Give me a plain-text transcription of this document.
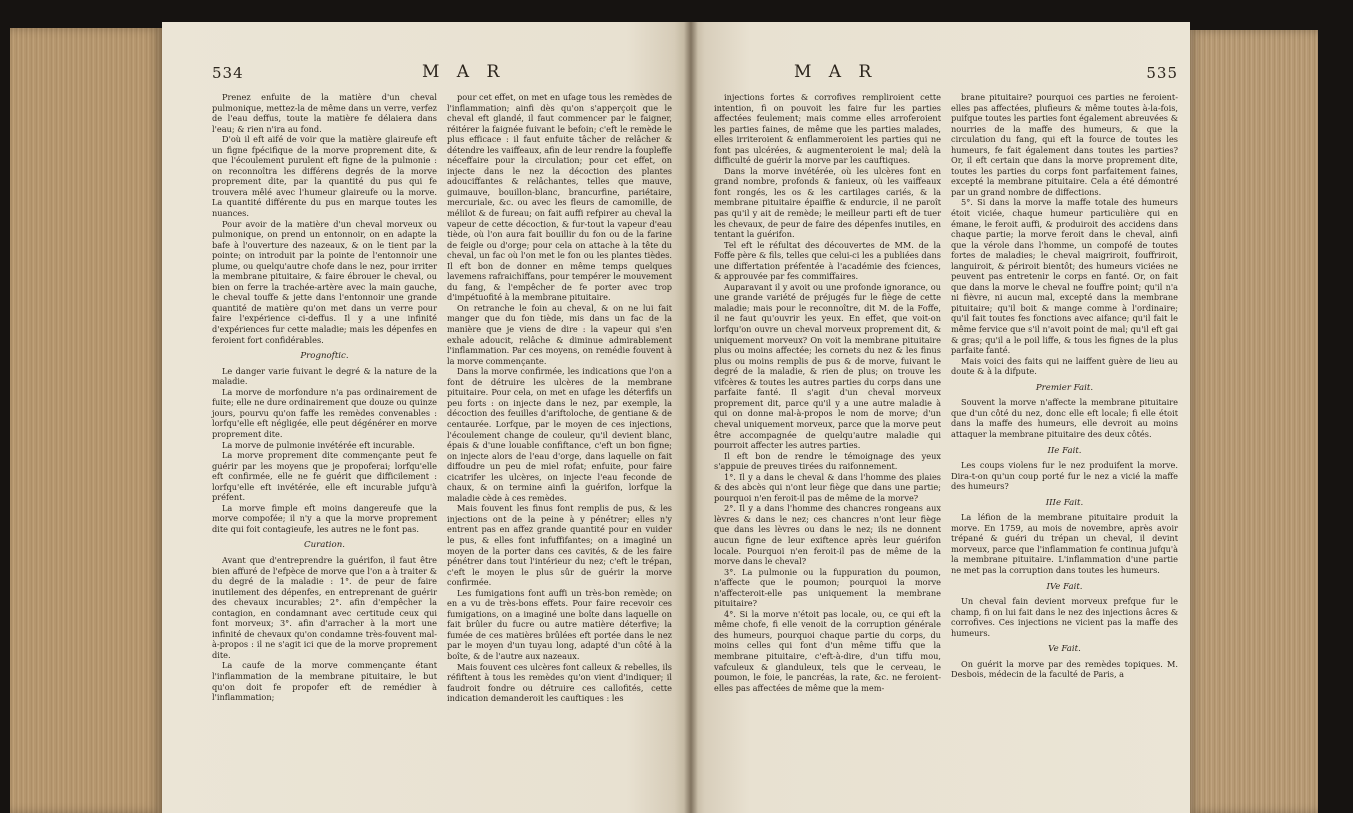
534	M A R

Prenez enfuite de la matière d'un cheval pulmonique, mettez-la de même dans un verre, verfez de l'eau deffus, toute la matière fe délaiera dans l'eau; & rien n'ira au fond.

D'où il eft aifé de voir que la matière glaireufe eft un figne fpécifique de la morve proprement dite, & que l'écoulement purulent eft figne de la pulmonie : on reconnoîtra les différens degrés de la morve proprement dite, par la quantité du pus qui fe trouvera mêlé avec l'humeur glaireufe ou la morve. La quantité différente du pus en marque toutes les nuances.

Pour avoir de la matière d'un cheval morveux ou pulmonique, on prend un entonnoir, on en adapte la bafe à l'ouverture des nazeaux, & on le tient par la pointe; on introduit par la pointe de l'entonnoir une plume, ou quelqu'autre chofe dans le nez, pour irriter la membrane pituitaire, & faire ébrouer le cheval, ou bien on ferre la trachée-artère avec la main gauche, le cheval touffe & jette dans l'entonnoir une grande quantité de matière qu'on met dans un verre pour faire l'expérience ci-deffus. Il y a une infinité d'expériences fur cette maladie; mais les dépenfes en feroient fort confidérables.

Prognoftic.

Le danger varie fuivant le degré & la nature de la maladie.

La morve de morfondure n'a pas ordinairement de fuite; elle ne dure ordinairement que douze ou quinze jours, pourvu qu'on faffe les remèdes convenables : lorfqu'elle eft négligée, elle peut dégénérer en morve proprement dite.

La morve de pulmonie invétérée eft incurable.

La morve proprement dite commençante peut fe guérir par les moyens que je propoferai; lorfqu'elle eft confirmée, elle ne fe guérit que difficilement : lorfqu'elle eft invétérée, elle eft incurable jufqu'à préfent.

La morve fimple eft moins dangereufe que la morve compofée; il n'y a que la morve proprement dite qui foit contagieufe, les autres ne le font pas.

Curation.

Avant que d'entreprendre la guérifon, il faut être bien affuré de l'efpèce de morve que l'on a à traiter & du degré de la maladie : 1°. de peur de faire inutilement des dépenfes, en entreprenant de guérir des chevaux incurables; 2°. afin d'empêcher la contagion, en condamnant avec certitude ceux qui font morveux; 3°. afin d'arracher à la mort une infinité de chevaux qu'on condamne très-fouvent mal-à-propos : il ne s'agit ici que de la morve proprement dite.

La caufe de la morve commençante étant l'inflammation de la membrane pituitaire, le but qu'on doit fe propofer eft de remédier à l'inflammation;

pour cet effet, on met en ufage tous les remèdes de l'inflammation; ainfi dès qu'on s'apperçoit que le cheval eft glandé, il faut commencer par le faigner, réitérer la faignée fuivant le befoin; c'eft le remède le plus efficace : il faut enfuite tâcher de relâcher & détendre les vaiffeaux, afin de leur rendre la foupleffe néceffaire pour la circulation; pour cet effet, on injecte dans le nez la décoction des plantes adouciffantes & relâchantes, telles que mauve, guimauve, bouillon-blanc, brancurfine, pariétaire, mercuriale, &c. ou avec les fleurs de camomille, de mélilot & de fureau; on fait auffi refpirer au cheval la vapeur de cette décoction, & fur-tout la vapeur d'eau tiède, où l'on aura fait bouillir du fon ou de la farine de feigle ou d'orge; pour cela on attache à la tête du cheval, un fac où l'on met le fon ou les plantes tièdes. Il eft bon de donner en même temps quelques lavemens rafraichiffans, pour tempérer le mouvement du fang, & l'empêcher de fe porter avec trop d'impétuofité à la membrane pituitaire.

On retranche le foin au cheval, & on ne lui fait manger que du fon tiède, mis dans un fac de la manière que je viens de dire : la vapeur qui s'en exhale adoucit, relâche & diminue admirablement l'inflammation. Par ces moyens, on remédie fouvent à la morve commençante.

Dans la morve confirmée, les indications que l'on a font de détruire les ulcères de la membrane pituitaire. Pour cela, on met en ufage les déterfifs un peu forts : on injecte dans le nez, par exemple, la décoction des feuilles d'ariftoloche, de gentiane & de centaurée. Lorfque, par le moyen de ces injections, l'écoulement change de couleur, qu'il devient blanc, épais & d'une louable confiftance, c'eft un bon figne; on injecte alors de l'eau d'orge, dans laquelle on fait diffoudre un peu de miel rofat; enfuite, pour faire cicatrifer les ulcères, on injecte l'eau feconde de chaux, & on termine ainfi la guérifon, lorfque la maladie cède à ces remèdes.

Mais fouvent les finus font remplis de pus, & les injections ont de la peine à y pénétrer; elles n'y entrent pas en affez grande quantité pour en vuider le pus, & elles font infuffifantes; on a imaginé un moyen de la porter dans ces cavités, & de les faire pénétrer dans tout l'intérieur du nez; c'eft le trépan, c'eft le moyen le plus sûr de guérir la morve confirmée.

Les fumigations font auffi un très-bon remède; on en a vu de très-bons effets. Pour faire recevoir ces fumigations, on a imaginé une boîte dans laquelle on fait brûler du fucre ou autre matière déterfive; la fumée de ces matières brûlées eft portée dans le nez par le moyen d'un tuyau long, adapté d'un côté à la boîte, & de l'autre aux nazeaux.

Mais fouvent ces ulcères font calleux & rebelles, ils réfiftent à tous les remèdes qu'on vient d'indiquer; il faudroit fondre ou détruire ces callofités, cette indication demanderoit les cauftiques : les

M A R	535

injections fortes & corrofives rempliroient cette intention, fi on pouvoit les faire fur les parties affectées feulement; mais comme elles arroferoient les parties faines, de même que les parties malades, elles irriteroient & enflammeroient les parties qui ne font pas ulcérées, & augmenteroient le mal; delà la difficulté de guérir la morve par les cauftiques.

Dans la morve invétérée, où les ulcères font en grand nombre, profonds & fanieux, où les vaiffeaux font rongés, les os & les cartilages cariés, & la membrane pituitaire épaiffie & endurcie, il ne paroît pas qu'il y ait de remède; le meilleur parti eft de tuer les chevaux, de peur de faire des dépenfes inutiles, en tentant la guérifon.

Tel eft le réfultat des découvertes de MM. de la Foffe père & fils, telles que celui-ci les a publiées dans une differtation préfentée à l'académie des fciences, & approuvée par fes commiffaires.

Auparavant il y avoit ou une profonde ignorance, ou une grande variété de préjugés fur le fiège de cette maladie; mais pour le reconnoître, dit M. de la Foffe, il ne faut qu'ouvrir les yeux. En effet, que voit-on lorfqu'on ouvre un cheval morveux proprement dit, & uniquement morveux? On voit la membrane pituitaire plus ou moins affectée; les cornets du nez & les finus plus ou moins remplis de pus & de morve, fuivant le degré de la maladie, & rien de plus; on trouve les vifcères & toutes les autres parties du corps dans une parfaite fanté. Il s'agit d'un cheval morveux proprement dit, parce qu'il y a une autre maladie à qui on donne mal-à-propos le nom de morve; d'un cheval uniquement morveux, parce que la morve peut être accompagnée de quelqu'autre maladie qui pourroit affecter les autres parties.

Il eft bon de rendre le témoignage des yeux s'appuie de preuves tirées du raifonnement.

1°. Il y a dans le cheval & dans l'homme des plaies & des abcès qui n'ont leur fiège que dans une partie; pourquoi n'en feroit-il pas de même de la morve?

2°. Il y a dans l'homme des chancres rongeans aux lèvres & dans le nez; ces chancres n'ont leur fiège que dans les lèvres ou dans le nez; ils ne donnent aucun figne de leur exiftence après leur guérifon locale. Pourquoi n'en feroit-il pas de même de la morve dans le cheval?

3°. La pulmonie ou la fuppuration du poumon, n'affecte que le poumon; pourquoi la morve n'affecteroit-elle pas uniquement la membrane pituitaire?

4°. Si la morve n'étoit pas locale, ou, ce qui eft la même chofe, fi elle venoit de la corruption générale des humeurs, pourquoi chaque partie du corps, du moins celles qui font d'un même tiffu que la membrane pituitaire, c'eft-à-dire, d'un tiffu mou, vafculeux & glanduleux, tels que le cerveau, le poumon, le foie, le pancréas, la rate, &c. ne feroient-elles pas affectées de même que la mem-

brane pituitaire? pourquoi ces parties ne feroient-elles pas affectées, plufieurs & même toutes à-la-fois, puifque toutes les parties font également abreuvées & nourries de la maffe des humeurs, & que la circulation du fang, qui eft la fource de toutes les humeurs, fe fait également dans toutes les parties? Or, il eft certain que dans la morve proprement dite, toutes les parties du corps font parfaitement faines, excepté la membrane pituitaire. Cela a été démontré par un grand nombre de diffections.

5°. Si dans la morve la maffe totale des humeurs étoit viciée, chaque humeur particulière qui en émane, le feroit auffi, & produiroit des accidens dans chaque partie; la morve feroit dans le cheval, ainfi que la vérole dans l'homme, un compofé de toutes fortes de maladies; le cheval maigriroit, fouffriroit, languiroit, & périroit bientôt; des humeurs viciées ne peuvent pas entretenir le corps en fanté. Or, on fait que dans la morve le cheval ne fouffre point; qu'il n'a ni fièvre, ni aucun mal, excepté dans la membrane pituitaire; qu'il boit & mange comme à l'ordinaire; qu'il fait toutes fes fonctions avec aifance; qu'il fait le même fervice que s'il n'avoit point de mal; qu'il eft gai & gras; qu'il a le poil liffe, & tous les fignes de la plus parfaite fanté.

Mais voici des faits qui ne laiffent guère de lieu au doute & à la difpute.

Premier Fait.

Souvent la morve n'affecte la membrane pituitaire que d'un côté du nez, donc elle eft locale; fi elle étoit dans la maffe des humeurs, elle devroit au moins attaquer la membrane pituitaire des deux côtés.

IIe Fait.

Les coups violens fur le nez produifent la morve. Dira-t-on qu'un coup porté fur le nez a vicié la maffe des humeurs?

IIIe Fait.

La léfion de la membrane pituitaire produit la morve. En 1759, au mois de novembre, après avoir trépané & guéri du trépan un cheval, il devint morveux, parce que l'inflammation fe continua jufqu'à la membrane pituitaire. L'inflammation d'une partie ne met pas la corruption dans toutes les humeurs.

IVe Fait.

Un cheval fain devient morveux prefque fur le champ, fi on lui fait dans le nez des injections âcres & corrofives. Ces injections ne vicient pas la maffe des humeurs.

Ve Fait.

On guérit la morve par des remèdes topiques. M. Desbois, médecin de la faculté de Paris, a
